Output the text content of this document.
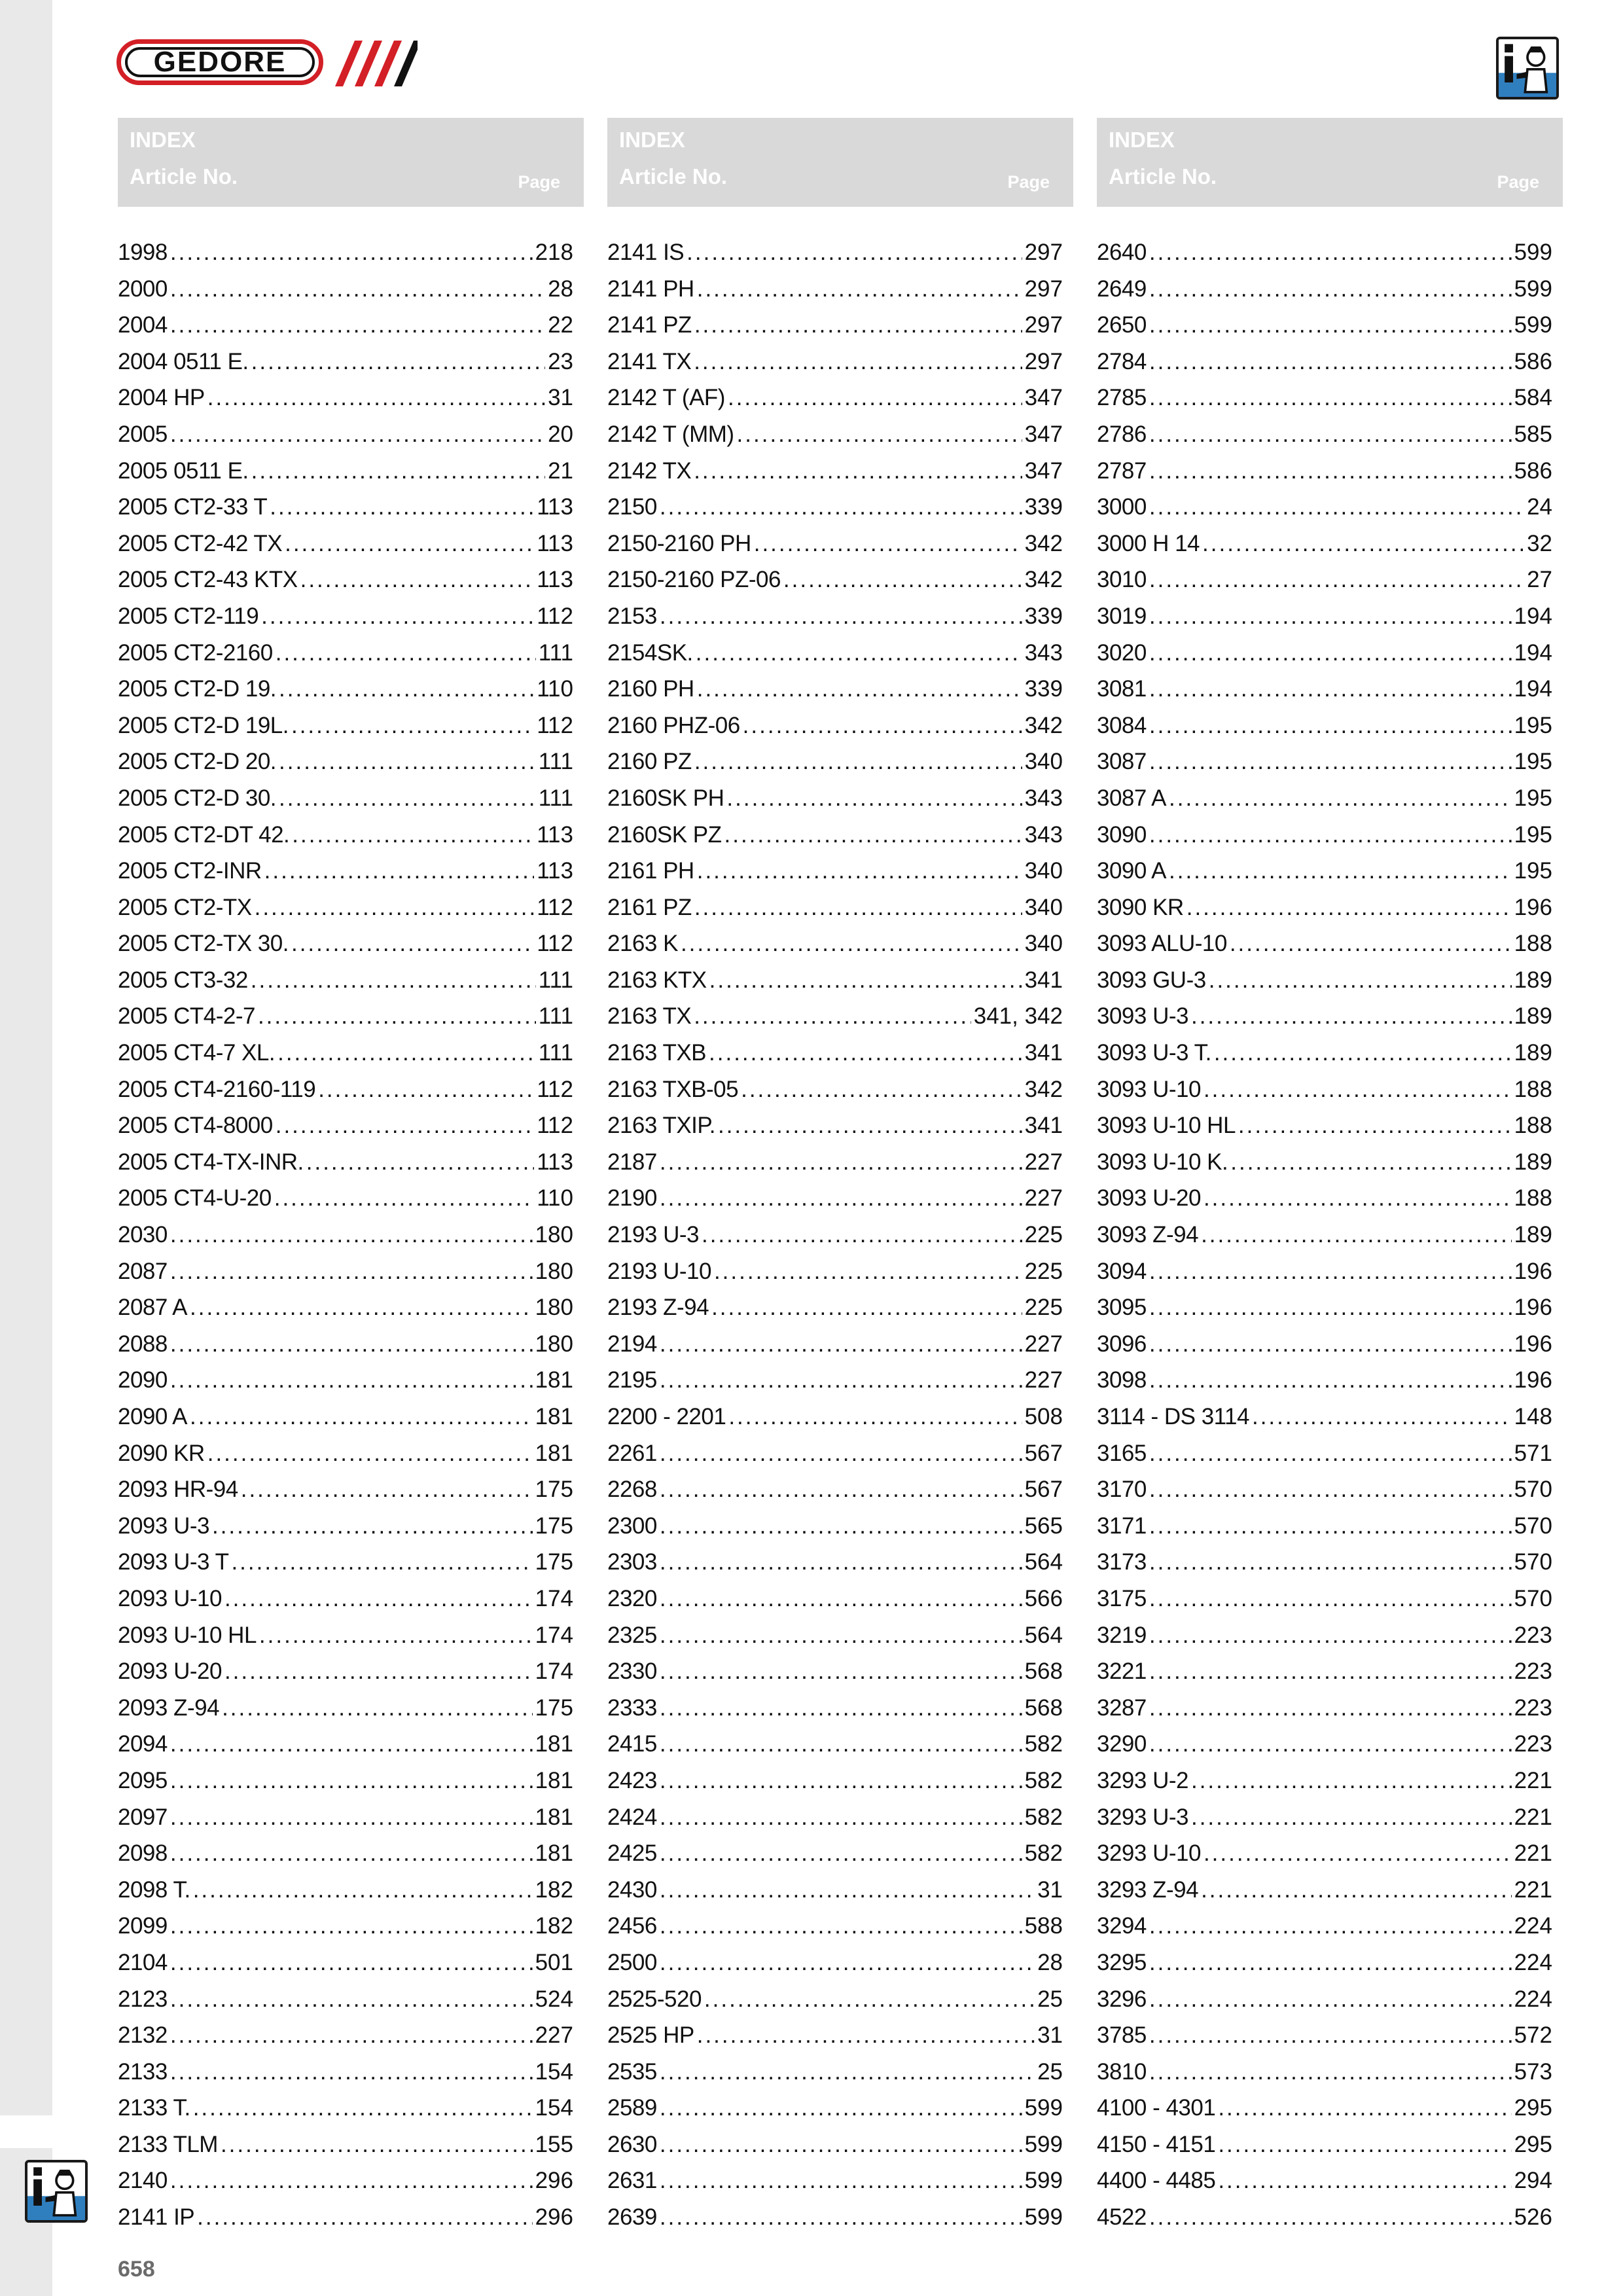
GEDORE
INDEX
Article No.	Page
1998 .....	218
2000 .....	28
2004 .....	22
2004 0511 E. .....	23
2004 HP .....	31
2005 .....	20
2005 0511 E. .....	21
2005 CT2-33 T .....	113
2005 CT2-42 TX .....	113
2005 CT2-43 KTX .....	113
2005 CT2-119 .....	112
2005 CT2-2160 .....	111
2005 CT2-D 19. .....	110
2005 CT2-D 19L. .....	112
2005 CT2-D 20. .....	111
2005 CT2-D 30. .....	111
2005 CT2-DT 42. .....	113
2005 CT2-INR .....	113
2005 CT2-TX .....	112
2005 CT2-TX 30. .....	112
2005 CT3-32 .....	111
2005 CT4-2-7 .....	111
2005 CT4-7 XL. .....	111
2005 CT4-2160-119 .....	112
2005 CT4-8000 .....	112
2005 CT4-TX-INR. .....	113
2005 CT4-U-20 .....	110
2030 .....	180
2087 .....	180
2087 A .....	180
2088 .....	180
2090 .....	181
2090 A .....	181
2090 KR .....	181
2093 HR-94 .....	175
2093 U-3 .....	175
2093 U-3 T .....	175
2093 U-10 .....	174
2093 U-10 HL .....	174
2093 U-20 .....	174
2093 Z-94 .....	175
2094 .....	181
2095 .....	181
2097 .....	181
2098 .....	181
2098 T. .....	182
2099 .....	182
2104 .....	501
2123 .....	524
2132 .....	227
2133 .....	154
2133 T. .....	154
2133 TLM .....	155
2140 .....	296
2141 IP .....	296
INDEX
Article No.	Page
2141 IS .....	297
2141 PH .....	297
2141 PZ .....	297
2141 TX .....	297
2142 T (AF) .....	347
2142 T (MM) .....	347
2142 TX .....	347
2150 .....	339
2150-2160 PH .....	342
2150-2160 PZ-06 .....	342
2153 .....	339
2154SK. .....	343
2160 PH .....	339
2160 PHZ-06 .....	342
2160 PZ .....	340
2160SK PH .....	343
2160SK PZ .....	343
2161 PH .....	340
2161 PZ .....	340
2163 K .....	340
2163 KTX .....	341
2163 TX .....	341, 342
2163 TXB .....	341
2163 TXB-05 .....	342
2163 TXIP. .....	341
2187 .....	227
2190 .....	227
2193 U-3 .....	225
2193 U-10 .....	225
2193 Z-94 .....	225
2194 .....	227
2195 .....	227
2200 - 2201 .....	508
2261 .....	567
2268 .....	567
2300 .....	565
2303 .....	564
2320 .....	566
2325 .....	564
2330 .....	568
2333 .....	568
2415 .....	582
2423 .....	582
2424 .....	582
2425 .....	582
2430 .....	31
2456 .....	588
2500 .....	28
2525-520 .....	25
2525 HP .....	31
2535 .....	25
2589 .....	599
2630 .....	599
2631 .....	599
2639 .....	599
INDEX
Article No.	Page
2640 .....	599
2649 .....	599
2650 .....	599
2784 .....	586
2785 .....	584
2786 .....	585
2787 .....	586
3000 .....	24
3000 H 14 .....	32
3010 .....	27
3019 .....	194
3020 .....	194
3081 .....	194
3084 .....	195
3087 .....	195
3087 A .....	195
3090 .....	195
3090 A .....	195
3090 KR .....	196
3093 ALU-10 .....	188
3093 GU-3 .....	189
3093 U-3 .....	189
3093 U-3 T. .....	189
3093 U-10 .....	188
3093 U-10 HL .....	188
3093 U-10 K. .....	189
3093 U-20 .....	188
3093 Z-94 .....	189
3094 .....	196
3095 .....	196
3096 .....	196
3098 .....	196
3114 - DS 3114 .....	148
3165 .....	571
3170 .....	570
3171 .....	570
3173 .....	570
3175 .....	570
3219 .....	223
3221 .....	223
3287 .....	223
3290 .....	223
3293 U-2 .....	221
3293 U-3 .....	221
3293 U-10 .....	221
3293 Z-94 .....	221
3294 .....	224
3295 .....	224
3296 .....	224
3785 .....	572
3810 .....	573
4100 - 4301 .....	295
4150 - 4151 .....	295
4400 - 4485 .....	294
4522 .....	526
658
